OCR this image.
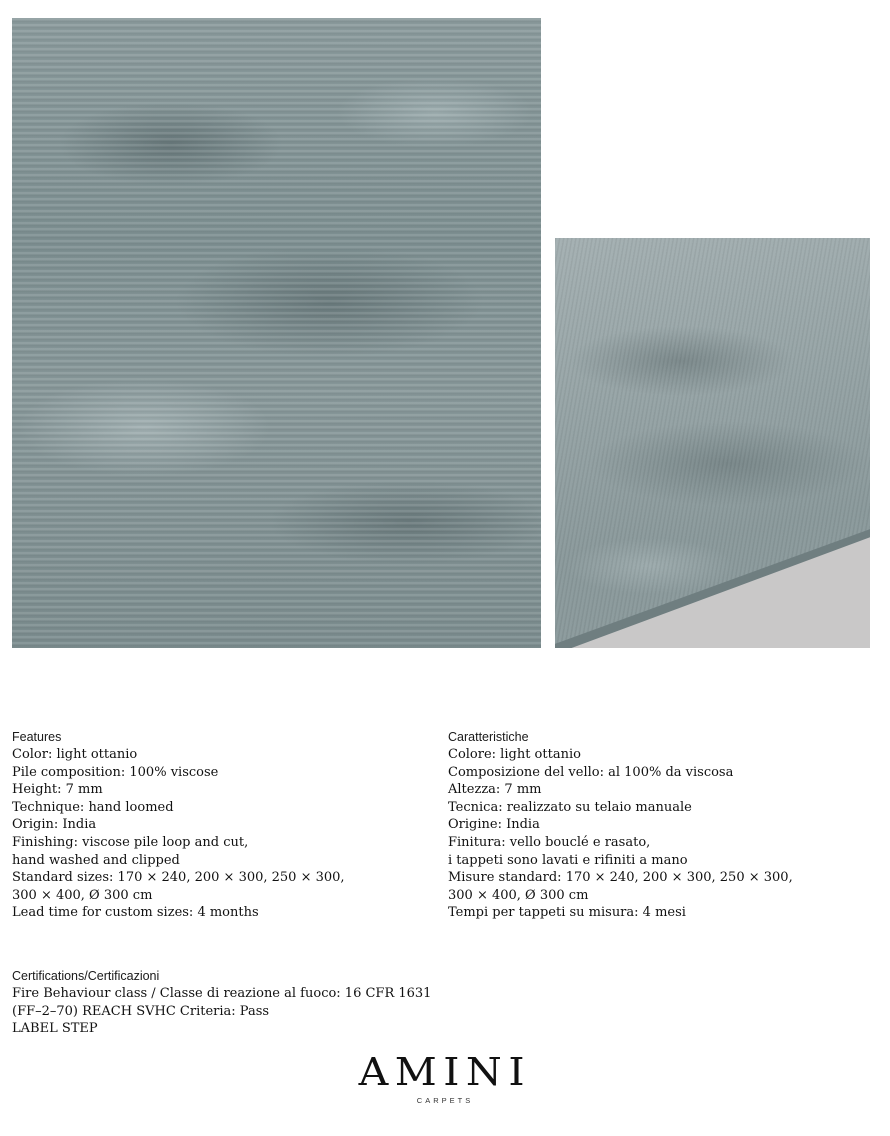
Features
Color: light ottanio
Pile composition: 100% viscose
Height: 7 mm
Technique: hand loomed
Origin: India
Finishing: viscose pile loop and cut,
hand washed and clipped
Standard sizes: 170 × 240, 200 × 300, 250 × 300,
300 × 400, Ø 300 cm
Lead time for custom sizes: 4 months
Caratteristiche
Colore: light ottanio
Composizione del vello: al 100% da viscosa
Altezza: 7 mm
Tecnica: realizzato su telaio manuale
Origine: India
Finitura: vello bouclé e rasato,
i tappeti sono lavati e rifiniti a mano
Misure standard: 170 × 240, 200 × 300, 250 × 300,
300 × 400, Ø 300 cm
Tempi per tappeti su misura: 4 mesi
Certifications/Certificazioni
Fire Behaviour class / Classe di reazione al fuoco: 16 CFR 1631
(FF–2–70) REACH SVHC Criteria: Pass
LABEL STEP
AMINI
CARPETS
